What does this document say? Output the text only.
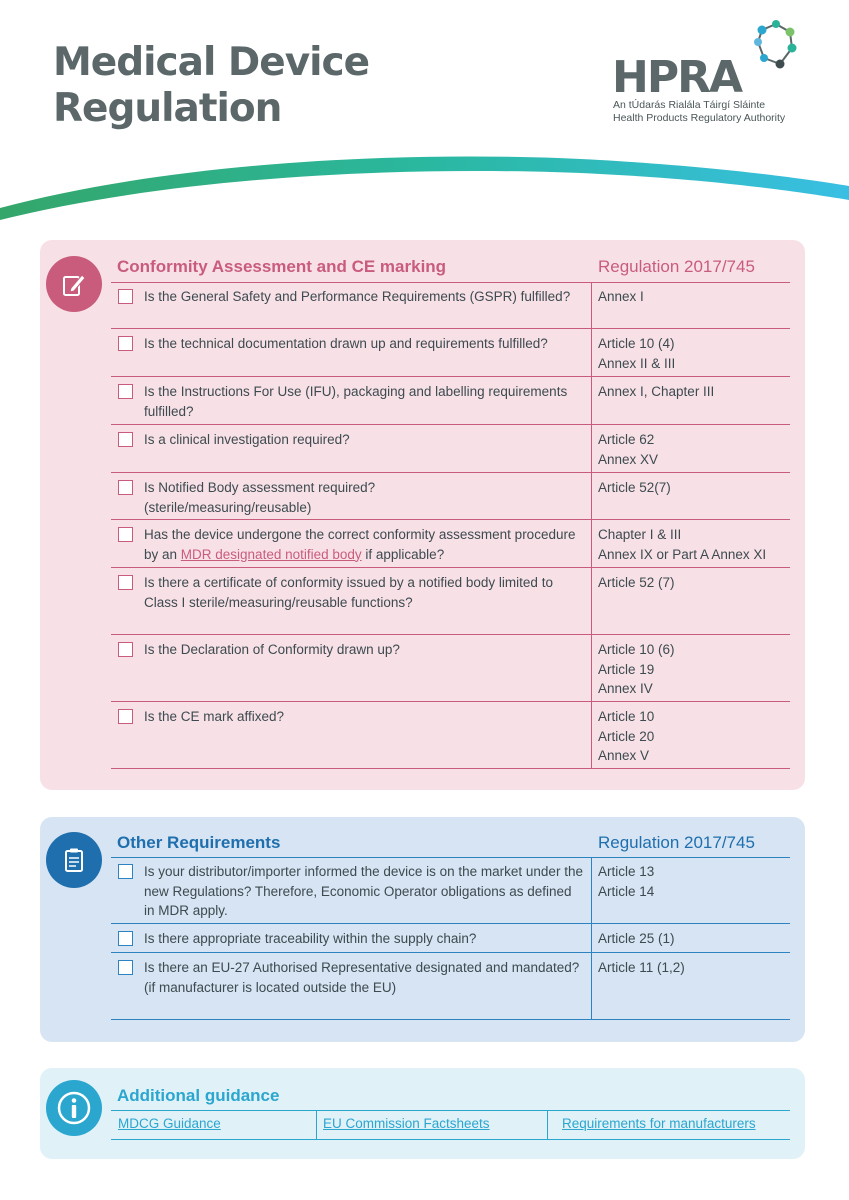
Medical Device
Regulation
HPRA
An tÚdarás Rialála Táirgí Sláinte
Health Products Regulatory Authority
Conformity Assessment and CE marking	Regulation 2017/745
Is the General Safety and Performance Requirements (GSPR) fulfilled?	Annex I
Is the technical documentation drawn up and requirements fulfilled?	Article 10 (4)
Annex II & III
Is the Instructions For Use (IFU), packaging and labelling requirements fulfilled?
Annex I, Chapter III
Is a clinical investigation required?	Article 62
Annex XV
Is Notified Body assessment required?
(sterile/measuring/reusable)
Article 52(7)
Has the device undergone the correct conformity assessment procedure by an MDR designated notified body if applicable?
Chapter I & III
Annex IX or Part A Annex XI
Is there a certificate of conformity issued by a notified body limited to
Class I sterile/measuring/reusable functions?
Article 52 (7)
Is the Declaration of Conformity drawn up?	Article 10 (6)
Article 19
Annex IV
Is the CE mark affixed?	Article 10
Article 20
Annex V
Other Requirements	Regulation 2017/745
Is your distributor/importer informed the device is on the market under the new Regulations? Therefore, Economic Operator obligations as defined in MDR apply.
Article 13
Article 14
Is there appropriate traceability within the supply chain?	Article 25 (1)
Is there an EU-27 Authorised Representative designated and mandated?
(if manufacturer is located outside the EU)
Article 11 (1,2)
Additional guidance
MDCG Guidance	EU Commission Factsheets	Requirements for manufacturers
